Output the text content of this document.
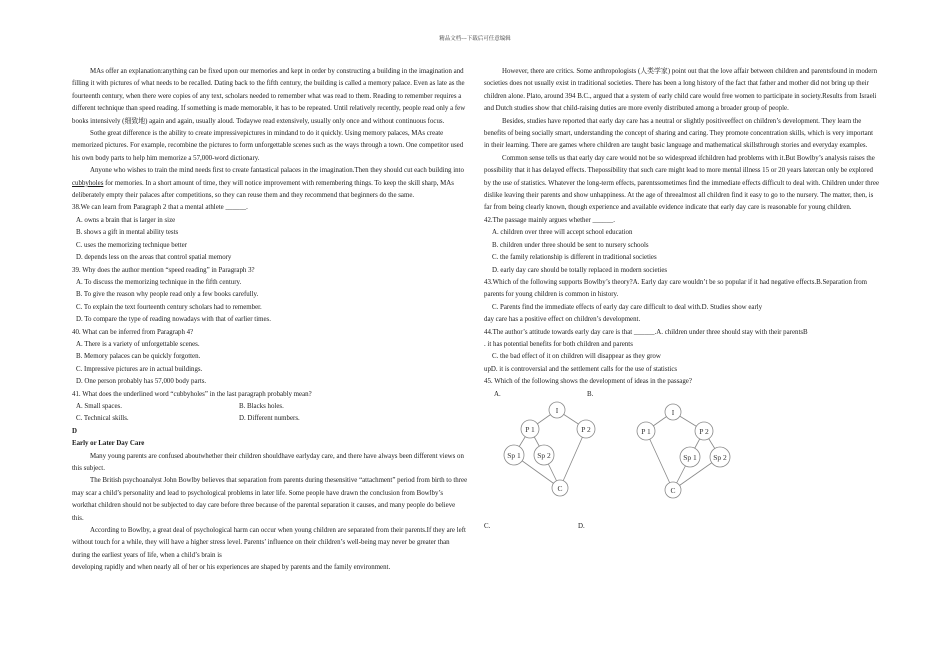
精品文档---下载后可任意编辑

MAs offer an explanation:anything can be fixed upon our memories and kept in order by constructing a building in the imagination and filling it with pictures of what needs to be recalled. Dating back to the fifth century, the building is called a memory palace. Even as late as the fourteenth century, when there were copies of any text, scholars needed to remember what was read to them. Reading to remember requires a different technique than speed reading. If something is made memorable, it has to be repeated. Until relatively recently, people read only a few books intensively (细致地) again and again, usually aloud. Todaywe read extensively, usually only once and without continuous focus.

Sothe great difference is the ability to create impressivepictures in mindand to do it quickly. Using memory palaces, MAs create memorized pictures. For example, recombine the pictures to form unforgettable scenes such as the ways through a town. One competitor used his own body parts to help him memorize a 57,000-word dictionary.

Anyone who wishes to train the mind needs first to create fantastical palaces in the imagination.Then they should cut each building into cubbyholes for memories. In a short amount of time, they will notice improvement with remembering things. To keep the skill sharp, MAs deliberately empty their palaces after competitions, so they can reuse them and they recommend that beginners do the same.

38.We can learn from Paragraph 2 that a mental athlete ______.

A. owns a brain that is larger in size

B. shows a gift in mental ability tests

C. uses the memorizing technique better

D. depends less on the areas that control spatial memory

39. Why does the author mention “speed reading” in Paragraph 3?

A. To discuss the memorizing technique in the fifth century.

B. To give the reason why people read only a few books carefully.

C. To explain the text fourteenth century scholars had to remember.

D. To compare the type of reading nowadays with that of earlier times.

40. What can be inferred from Paragraph 4?

A. There is a variety of unforgettable scenes.

B. Memory palaces can be quickly forgotten.

C. Impressive pictures are in actual buildings.

D. One person probably has 57,000 body parts.

41. What does the underlined word “cubbyholes” in the last paragraph probably mean?

A. Small spaces.	B. Blacks holes.
C. Technical skills.	D. Different numbers.

D

Early or Later Day Care

Many young parents are confused aboutwhether their children shouldhave earlyday care, and there have always been different views on this subject.

The British psychoanalyst John Bowlby believes that separation from parents during thesensitive “attachment” period from birth to three may scar a child’s personality and lead to psychological problems in later life. Some people have drawn the conclusion from Bowlby’s workthat children should not be subjected to day care before three because of the parental separation it causes, and many people do believe this.

According to Bowlby, a great deal of psychological harm can occur when young children are separated from their parents.If they are left without touch for a while, they will have a higher stress level. Parents’ influence on their children’s well-being may never be greater than during the earliest years of life, when a child’s brain is

developing rapidly and when nearly all of her or his experiences are shaped by parents and the family environment.

However, there are critics. Some anthropologists (人类学家) point out that the love affair between children and parentsfound in modern societies does not usually exist in traditional societies. There has been a long history of the fact that father and mother did not bring up their children alone. Plato, around 394 B.C., argued that a system of early child care would free women to participate in society.Results from Israeli and Dutch studies show that child-raising duties are more evenly distributed among a broader group of people.

Besides, studies have reported that early day care has a neutral or slightly positiveeffect on children’s development. They learn the benefits of being socially smart, understanding the concept of sharing and caring. They promote concentration skills, which is very important in their learning. There are games where children are taught basic language and mathematical skillsthrough stories and everyday examples.

Common sense tells us that early day care would not be so widespread ifchildren had problems with it.But Bowlby’s analysis raises the possibility that it has delayed effects. Thepossibility that such care might lead to more mental illness 15 or 20 years latercan only be explored by the use of statistics. Whatever the long-term effects, parentssometimes find the immediate effects difficult to deal with. Children under three dislike leaving their parents and show unhappiness. At the age of threealmost all children find it easy to go to the nursery. The matter, then, is far from being clearly known, though experience and available evidence indicate that early day care is reasonable for young children.

42.The passage mainly argues whether ______.

A. children over three will accept school education

B. children under three should be sent to nursery schools

C. the family relationship is different in traditional societies

D. early day care should be totally replaced in modern societies

43.Which of the following supports Bowlby’s theory?A. Early day care wouldn’t be so popular if it had negative effects.B.Separation from parents for young children is common in history.

C. Parents find the immediate effects of early day care difficult to deal with.D. Studies show early

day care has a positive effect on children’s development.

44.The author’s attitude towards early day care is that ______.A. children under three should stay with their parentsB

. it has potential benefits for both children and parents

C. the bad effect of it on children will disappear as they grow

upD. it is controversial and the settlement calls for the use of statistics

45. Which of the following shows the development of ideas in the passage?

A.	B.
I
P 1	P 2
Sp 1 Sp 2
C
I
P 1	P 2
Sp 1 Sp 2
C
C.	D.
